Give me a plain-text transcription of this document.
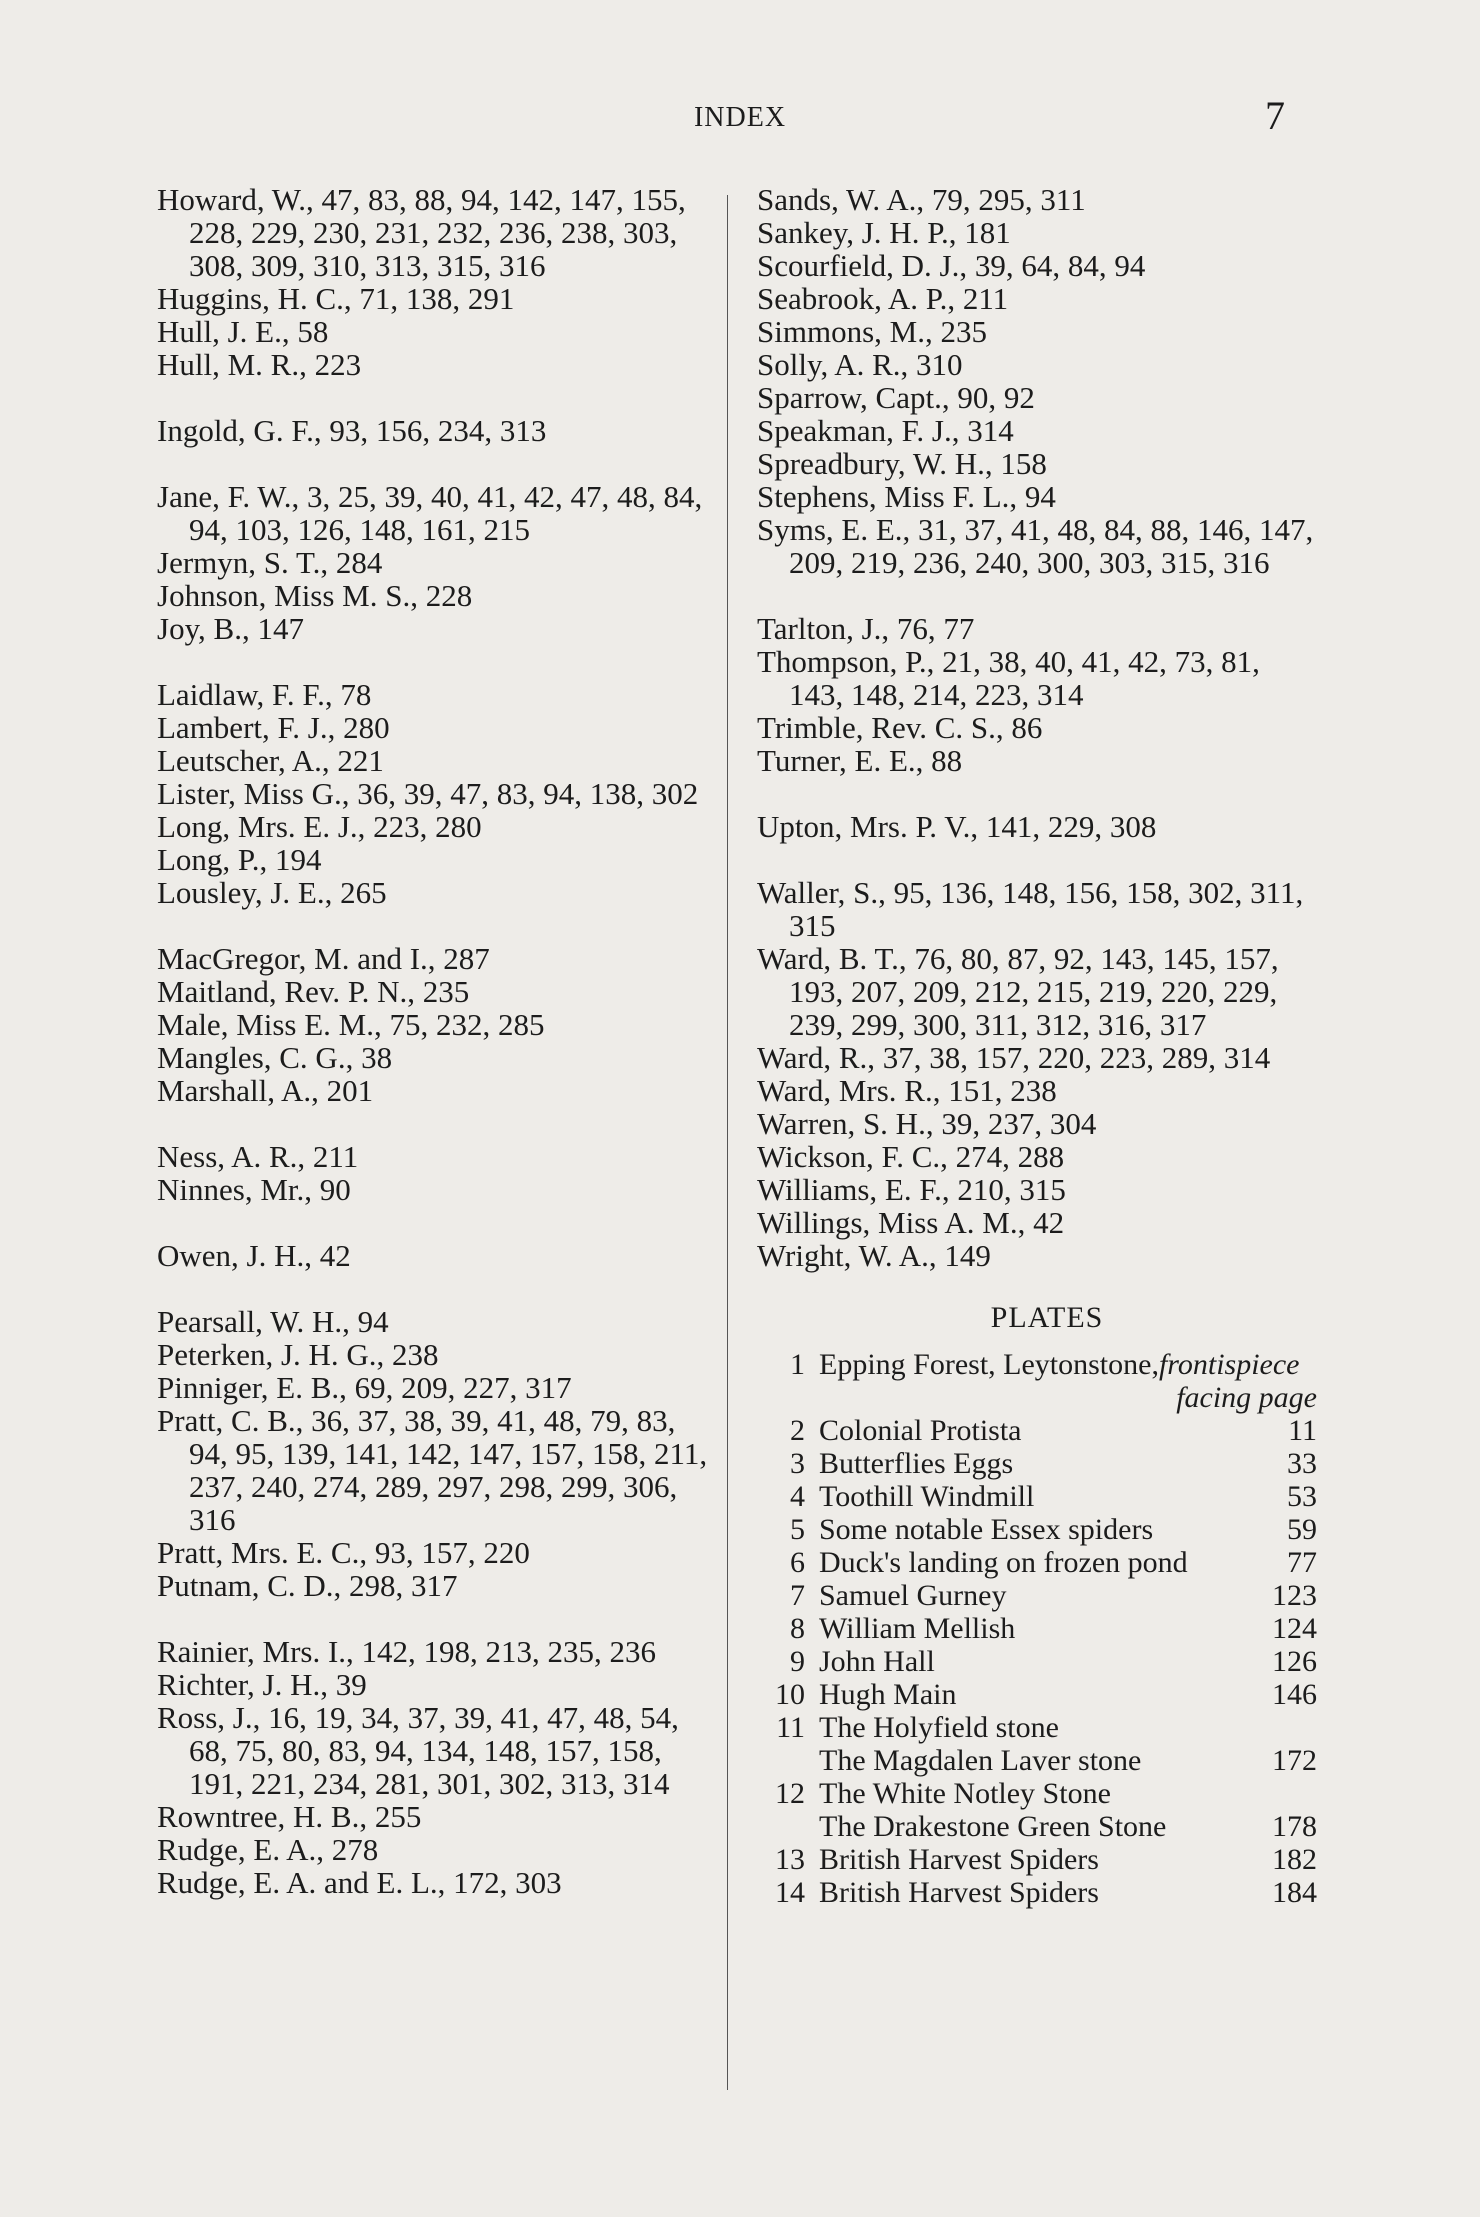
INDEX	7
Howard, W., 47, 83, 88, 94, 142, 147, 155, 228, 229, 230, 231, 232, 236, 238, 303, 308, 309, 310, 313, 315, 316
Huggins, H. C., 71, 138, 291
Hull, J. E., 58
Hull, M. R., 223
Ingold, G. F., 93, 156, 234, 313
Jane, F. W., 3, 25, 39, 40, 41, 42, 47, 48, 84, 94, 103, 126, 148, 161, 215
Jermyn, S. T., 284
Johnson, Miss M. S., 228
Joy, B., 147
Laidlaw, F. F., 78
Lambert, F. J., 280
Leutscher, A., 221
Lister, Miss G., 36, 39, 47, 83, 94, 138, 302
Long, Mrs. E. J., 223, 280
Long, P., 194
Lousley, J. E., 265
MacGregor, M. and I., 287
Maitland, Rev. P. N., 235
Male, Miss E. M., 75, 232, 285
Mangles, C. G., 38
Marshall, A., 201
Ness, A. R., 211
Ninnes, Mr., 90
Owen, J. H., 42
Pearsall, W. H., 94
Peterken, J. H. G., 238
Pinniger, E. B., 69, 209, 227, 317
Pratt, C. B., 36, 37, 38, 39, 41, 48, 79, 83, 94, 95, 139, 141, 142, 147, 157, 158, 211, 237, 240, 274, 289, 297, 298, 299, 306, 316
Pratt, Mrs. E. C., 93, 157, 220
Putnam, C. D., 298, 317
Rainier, Mrs. I., 142, 198, 213, 235, 236
Richter, J. H., 39
Ross, J., 16, 19, 34, 37, 39, 41, 47, 48, 54, 68, 75, 80, 83, 94, 134, 148, 157, 158, 191, 221, 234, 281, 301, 302, 313, 314
Rowntree, H. B., 255
Rudge, E. A., 278
Rudge, E. A. and E. L., 172, 303
Sands, W. A., 79, 295, 311
Sankey, J. H. P., 181
Scourfield, D. J., 39, 64, 84, 94
Seabrook, A. P., 211
Simmons, M., 235
Solly, A. R., 310
Sparrow, Capt., 90, 92
Speakman, F. J., 314
Spreadbury, W. H., 158
Stephens, Miss F. L., 94
Syms, E. E., 31, 37, 41, 48, 84, 88, 146, 147, 209, 219, 236, 240, 300, 303, 315, 316
Tarlton, J., 76, 77
Thompson, P., 21, 38, 40, 41, 42, 73, 81, 143, 148, 214, 223, 314
Trimble, Rev. C. S., 86
Turner, E. E., 88
Upton, Mrs. P. V., 141, 229, 308
Waller, S., 95, 136, 148, 156, 158, 302, 311, 315
Ward, B. T., 76, 80, 87, 92, 143, 145, 157, 193, 207, 209, 212, 215, 219, 220, 229, 239, 299, 300, 311, 312, 316, 317
Ward, R., 37, 38, 157, 220, 223, 289, 314
Ward, Mrs. R., 151, 238
Warren, S. H., 39, 237, 304
Wickson, F. C., 274, 288
Williams, E. F., 210, 315
Willings, Miss A. M., 42
Wright, W. A., 149
PLATES
1 Epping Forest, Leytonstone,frontispiece
facing page
2 Colonial Protista	11
3 Butterflies Eggs	33
4 Toothill Windmill	53
5 Some notable Essex spiders	59
6 Duck's landing on frozen pond	77
7 Samuel Gurney	123
8 William Mellish	124
9 John Hall	126
10 Hugh Main	146
11 The Holyfield stone
The Magdalen Laver stone	172
12 The White Notley Stone
The Drakestone Green Stone	178
13 British Harvest Spiders	182
14 British Harvest Spiders	184
